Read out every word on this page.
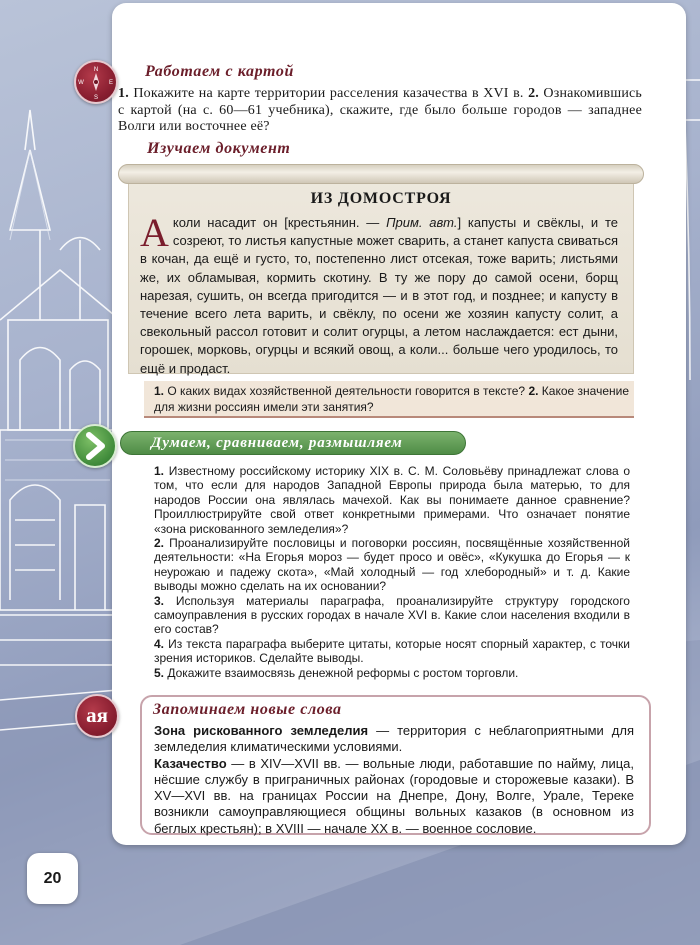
N
S
W	E
Работаем с картой
1. Покажите на карте территории расселения казачества в XVI в. 2. Ознакомившись с картой (на с. 60—61 учебника), скажите, где было больше городов — западнее Волги или восточнее её?
Изучаем документ
ИЗ ДОМОСТРОЯ
Аколи насадит он [крестьянин. — Прим. авт.] капусты и свёклы, и те созреют, то листья капустные может сварить, а станет капуста свиваться в кочан, да ещё и густо, то, постепенно лист отсекая, тоже варить; листьями же, их обламывая, кормить скотину. В ту же пору до самой осени, борщ нарезая, сушить, он всегда пригодится — и в этот год, и позднее; и капусту в течение всего лета варить, и свёклу, по осени же хозяин капусту солит, а свекольный рассол готовит и солит огурцы, а летом наслаждается: ест дыни, горошек, морковь, огурцы и всякий овощ, а коли... больше чего уродилось, то ещё и продаст.
1. О каких видах хозяйственной деятельности говорится в тексте? 2. Какое значение для жизни россиян имели эти занятия?
Думаем, сравниваем, размышляем

1. Известному российскому историку XIX в. С. М. Соловьёву принадлежат слова о том, что если для народов Западной Европы природа была матерью, то для народов России она являлась мачехой. Как вы понимаете данное сравнение? Проиллюстрируйте свой ответ конкретными примерами. Что означает понятие «зона рискованного земледелия»?

2. Проанализируйте пословицы и поговорки россиян, посвящённые хозяйственной деятельности: «На Егорья мороз — будет просо и овёс», «Кукушка до Егорья — к неурожаю и падежу скота», «Май холодный — год хлебородный» и т. д. Какие выводы можно сделать на их основании?

3. Используя материалы параграфа, проанализируйте структуру городского самоуправления в русских городах в начале XVI в. Какие слои населения входили в его состав?

4. Из текста параграфа выберите цитаты, которые носят спорный характер, с точки зрения историков. Сделайте выводы.

5. Докажите взаимосвязь денежной реформы с ростом торговли.

ая	Запоминаем новые слова
Зона рискованного земледелия — территория с неблагоприятными для земледелия климатическими условиями.
Казачество — в XIV—XVII вв. — вольные люди, работавшие по найму, лица, нёсшие службу в приграничных районах (городовые и сторожевые казаки). В XV—XVI вв. на границах России на Днепре, Дону, Волге, Урале, Тереке возникли самоуправляющиеся общины вольных казаков (в основном из беглых крестьян); в XVIII — начале XX в. — военное сословие.
20
